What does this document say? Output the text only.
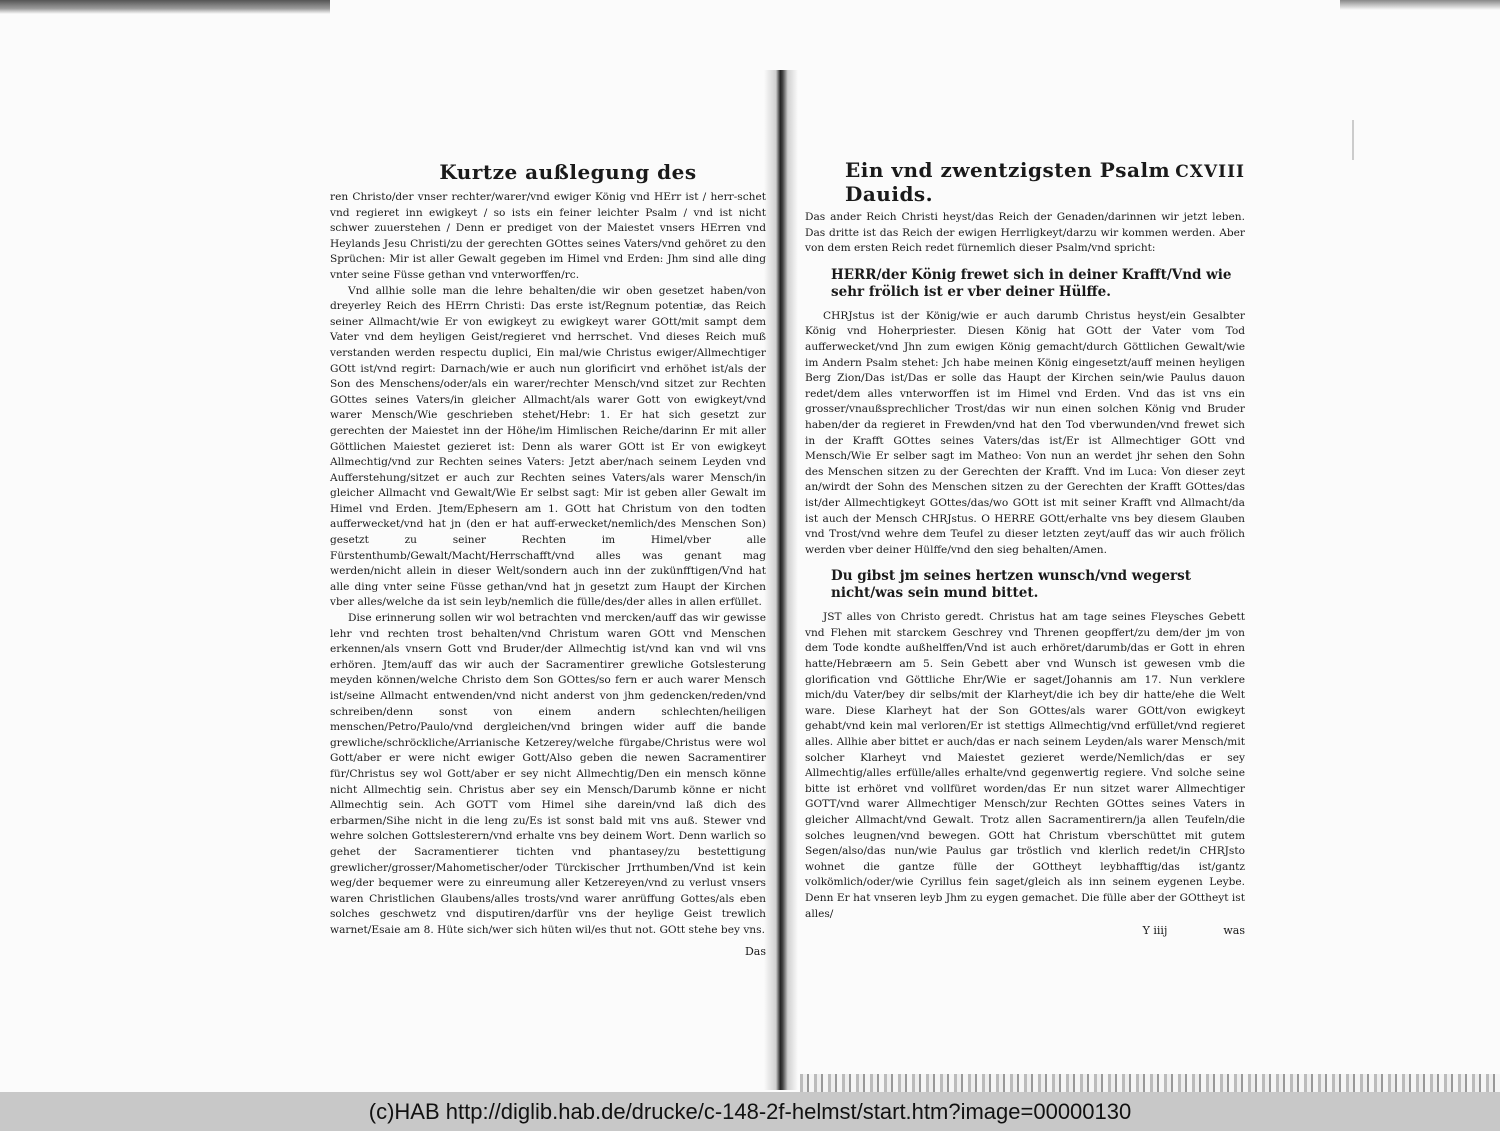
Kurtze außlegung des

ren Christo/der vnser rechter/warer/vnd ewiger König vnd HErr ist / herr-schet vnd regieret inn ewigkeyt / so ists ein feiner leichter Psalm / vnd ist nicht schwer zuuerstehen / Denn er prediget von der Maiestet vnsers HErren vnd Heylands Jesu Christi/zu der gerechten GOttes seines Vaters/vnd gehöret zu den Sprüchen: Mir ist aller Gewalt gegeben im Himel vnd Erden: Jhm sind alle ding vnter seine Füsse gethan vnd vnterworffen/rc.

Vnd allhie solle man die lehre behalten/die wir oben gesetzet haben/von dreyerley Reich des HErrn Christi: Das erste ist/Regnum potentiæ, das Reich seiner Allmacht/wie Er von ewigkeyt zu ewigkeyt warer GOtt/mit sampt dem Vater vnd dem heyligen Geist/regieret vnd herrschet. Vnd dieses Reich muß verstanden werden respectu duplici, Ein mal/wie Christus ewiger/Allmechtiger GOtt ist/vnd regirt: Darnach/wie er auch nun glorificirt vnd erhöhet ist/als der Son des Menschens/oder/als ein warer/rechter Mensch/vnd sitzet zur Rechten GOttes seines Vaters/in gleicher Allmacht/als warer Gott von ewigkeyt/vnd warer Mensch/Wie geschrieben stehet/Hebr: 1. Er hat sich gesetzt zur gerechten der Maiestet inn der Höhe/im Himlischen Reiche/darinn Er mit aller Göttlichen Maiestet gezieret ist: Denn als warer GOtt ist Er von ewigkeyt Allmechtig/vnd zur Rechten seines Vaters: Jetzt aber/nach seinem Leyden vnd Aufferstehung/sitzet er auch zur Rechten seines Vaters/als warer Mensch/in gleicher Allmacht vnd Gewalt/Wie Er selbst sagt: Mir ist geben aller Gewalt im Himel vnd Erden. Jtem/Ephesern am 1. GOtt hat Christum von den todten aufferwecket/vnd hat jn (den er hat auff-erwecket/nemlich/des Menschen Son) gesetzt zu seiner Rechten im Himel/vber alle Fürstenthumb/Gewalt/Macht/Herrschafft/vnd alles was genant mag werden/nicht allein in dieser Welt/sondern auch inn der zukünfftigen/Vnd hat alle ding vnter seine Füsse gethan/vnd hat jn gesetzt zum Haupt der Kirchen vber alles/welche da ist sein leyb/nemlich die fülle/des/der alles in allen erfüllet.

Dise erinnerung sollen wir wol betrachten vnd mercken/auff das wir gewisse lehr vnd rechten trost behalten/vnd Christum waren GOtt vnd Menschen erkennen/als vnsern Gott vnd Bruder/der Allmechtig ist/vnd kan vnd wil vns erhören. Jtem/auff das wir auch der Sacramentirer grewliche Gotslesterung meyden können/welche Christo dem Son GOttes/so fern er auch warer Mensch ist/seine Allmacht entwenden/vnd nicht anderst von jhm gedencken/reden/vnd schreiben/denn sonst von einem andern schlechten/heiligen menschen/Petro/Paulo/vnd dergleichen/vnd bringen wider auff die bande grewliche/schröckliche/Arrianische Ketzerey/welche fürgabe/Christus were wol Gott/aber er were nicht ewiger Gott/Also geben die newen Sacramentirer für/Christus sey wol Gott/aber er sey nicht Allmechtig/Den ein mensch könne nicht Allmechtig sein. Christus aber sey ein Mensch/Darumb könne er nicht Allmechtig sein. Ach GOTT vom Himel sihe darein/vnd laß dich des erbarmen/Sihe nicht in die leng zu/Es ist sonst bald mit vns auß. Stewer vnd wehre solchen Gottslesterern/vnd erhalte vns bey deinem Wort. Denn warlich so gehet der Sacramentierer tichten vnd phantasey/zu bestettigung grewlicher/grosser/Mahometischer/oder Türckischer Jrrthumben/Vnd ist kein weg/der bequemer were zu einreumung aller Ketzereyen/vnd zu verlust vnsers waren Christlichen Glaubens/alles trosts/vnd warer anrüffung Gottes/als eben solches geschwetz vnd disputiren/darfür vns der heylige Geist trewlich warnet/Esaie am 8. Hüte sich/wer sich hüten wil/es thut not. GOtt stehe bey vns.

Das
Ein vnd zwentzigsten Psalm Dauids.
CXVIII

Das ander Reich Christi heyst/das Reich der Genaden/darinnen wir jetzt leben. Das dritte ist das Reich der ewigen Herrligkeyt/darzu wir kommen werden. Aber von dem ersten Reich redet fürnemlich dieser Psalm/vnd spricht:

HERR/der König frewet sich in deiner Krafft/Vnd wie sehr frölich ist er vber deiner Hülffe.

CHRJstus ist der König/wie er auch darumb Christus heyst/ein Gesalbter König vnd Hoherpriester. Diesen König hat GOtt der Vater vom Tod aufferwecket/vnd Jhn zum ewigen König gemacht/durch Göttlichen Gewalt/wie im Andern Psalm stehet: Jch habe meinen König eingesetzt/auff meinen heyligen Berg Zion/Das ist/Das er solle das Haupt der Kirchen sein/wie Paulus dauon redet/dem alles vnterworffen ist im Himel vnd Erden. Vnd das ist vns ein grosser/vnaußsprechlicher Trost/das wir nun einen solchen König vnd Bruder haben/der da regieret in Frewden/vnd hat den Tod vberwunden/vnd frewet sich in der Krafft GOttes seines Vaters/das ist/Er ist Allmechtiger GOtt vnd Mensch/Wie Er selber sagt im Matheo: Von nun an werdet jhr sehen den Sohn des Menschen sitzen zu der Gerechten der Krafft. Vnd im Luca: Von dieser zeyt an/wirdt der Sohn des Menschen sitzen zu der Gerechten der Krafft GOttes/das ist/der Allmechtigkeyt GOttes/das/wo GOtt ist mit seiner Krafft vnd Allmacht/da ist auch der Mensch CHRJstus. O HERRE GOtt/erhalte vns bey diesem Glauben vnd Trost/vnd wehre dem Teufel zu dieser letzten zeyt/auff das wir auch frölich werden vber deiner Hülffe/vnd den sieg behalten/Amen.

Du gibst jm seines hertzen wunsch/vnd wegerst nicht/was sein mund bittet.

JST alles von Christo geredt. Christus hat am tage seines Fleysches Gebett vnd Flehen mit starckem Geschrey vnd Threnen geopffert/zu dem/der jm von dem Tode kondte außhelffen/Vnd ist auch erhöret/darumb/das er Gott in ehren hatte/Hebræern am 5. Sein Gebett aber vnd Wunsch ist gewesen vmb die glorification vnd Göttliche Ehr/Wie er saget/Johannis am 17. Nun verklere mich/du Vater/bey dir selbs/mit der Klarheyt/die ich bey dir hatte/ehe die Welt ware. Diese Klarheyt hat der Son GOttes/als warer GOtt/von ewigkeyt gehabt/vnd kein mal verloren/Er ist stettigs Allmechtig/vnd erfüllet/vnd regieret alles. Allhie aber bittet er auch/das er nach seinem Leyden/als warer Mensch/mit solcher Klarheyt vnd Maiestet gezieret werde/Nemlich/das er sey Allmechtig/alles erfülle/alles erhalte/vnd gegenwertig regiere. Vnd solche seine bitte ist erhöret vnd vollfüret worden/das Er nun sitzet warer Allmechtiger GOTT/vnd warer Allmechtiger Mensch/zur Rechten GOttes seines Vaters in gleicher Allmacht/vnd Gewalt. Trotz allen Sacramentirern/ja allen Teufeln/die solches leugnen/vnd bewegen. GOtt hat Christum vberschüttet mit gutem Segen/also/das nun/wie Paulus gar tröstlich vnd klerlich redet/in CHRJsto wohnet die gantze fülle der GOttheyt leybhafftig/das ist/gantz volkömlich/oder/wie Cyrillus fein saget/gleich als inn seinem eygenen Leybe. Denn Er hat vnseren leyb Jhm zu eygen gemachet. Die fülle aber der GOttheyt ist alles/

Y iiij	was
(c)HAB http://diglib.hab.de/drucke/c-148-2f-helmst/start.htm?image=00000130
